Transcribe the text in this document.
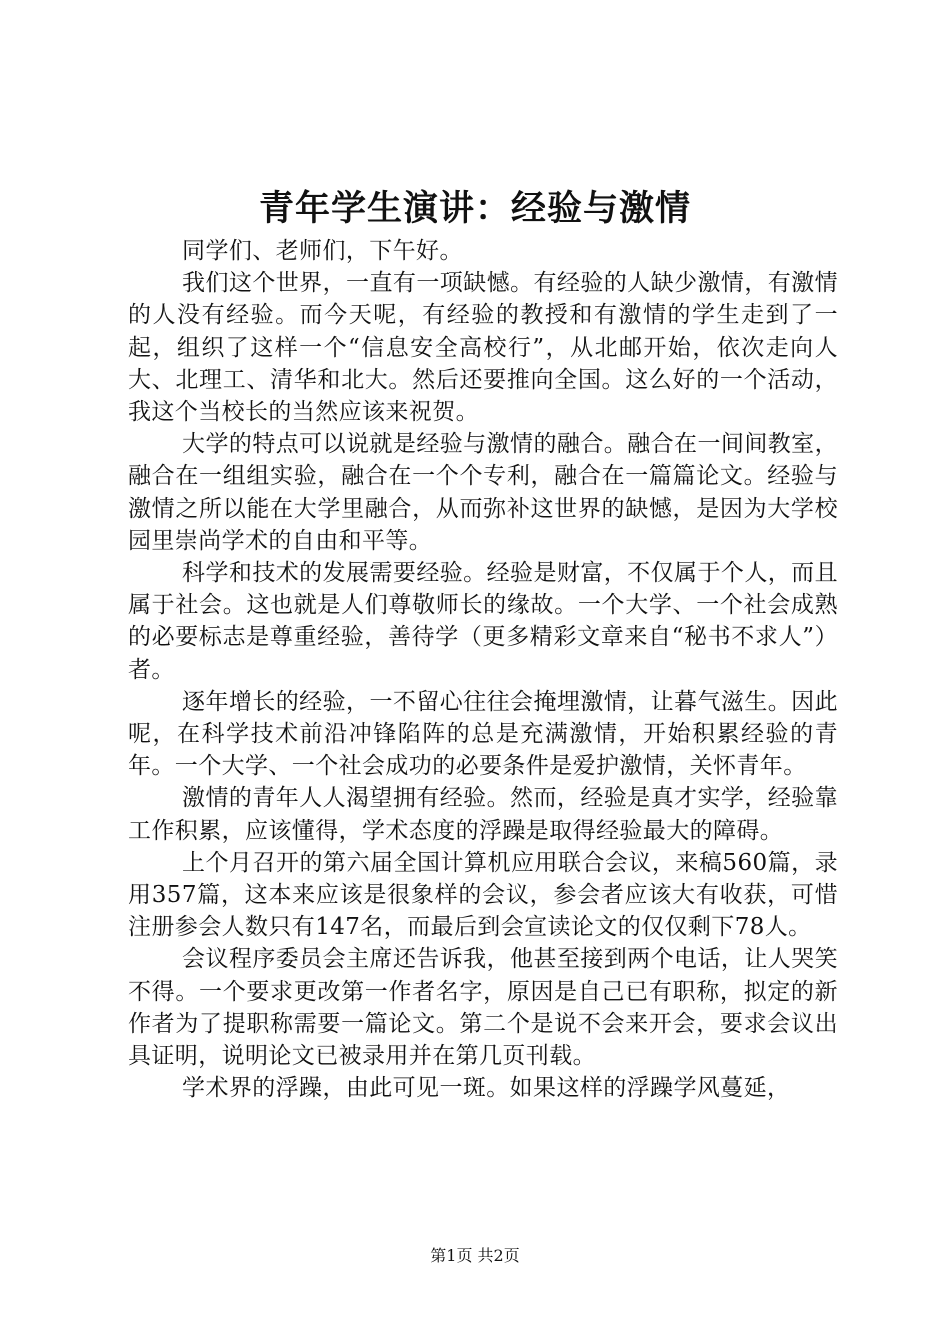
青年学生演讲：经验与激情

同学们、老师们，下午好。

我们这个世界，一直有一项缺憾。有经验的人缺少激情，有激情的人没有经验。而今天呢，有经验的教授和有激情的学生走到了一起，组织了这样一个“信息安全高校行”，从北邮开始，依次走向人大、北理工、清华和北大。然后还要推向全国。这么好的一个活动，我这个当校长的当然应该来祝贺。

大学的特点可以说就是经验与激情的融合。融合在一间间教室，融合在一组组实验，融合在一个个专利，融合在一篇篇论文。经验与激情之所以能在大学里融合，从而弥补这世界的缺憾，是因为大学校园里崇尚学术的自由和平等。

科学和技术的发展需要经验。经验是财富，不仅属于个人，而且属于社会。这也就是人们尊敬师长的缘故。一个大学、一个社会成熟的必要标志是尊重经验，善待学（更多精彩文章来自“秘书不求人”）者。

逐年增长的经验，一不留心往往会掩埋激情，让暮气滋生。因此呢，在科学技术前沿冲锋陷阵的总是充满激情，开始积累经验的青年。一个大学、一个社会成功的必要条件是爱护激情，关怀青年。

激情的青年人人渴望拥有经验。然而，经验是真才实学，经验靠工作积累，应该懂得，学术态度的浮躁是取得经验最大的障碍。

上个月召开的第六届全国计算机应用联合会议，来稿560篇，录用357篇，这本来应该是很象样的会议，参会者应该大有收获，可惜注册参会人数只有147名，而最后到会宣读论文的仅仅剩下78人。

会议程序委员会主席还告诉我，他甚至接到两个电话，让人哭笑不得。一个要求更改第一作者名字，原因是自己已有职称，拟定的新作者为了提职称需要一篇论文。第二个是说不会来开会，要求会议出具证明，说明论文已被录用并在第几页刊载。

学术界的浮躁，由此可见一斑。如果这样的浮躁学风蔓延，

第1页 共2页
